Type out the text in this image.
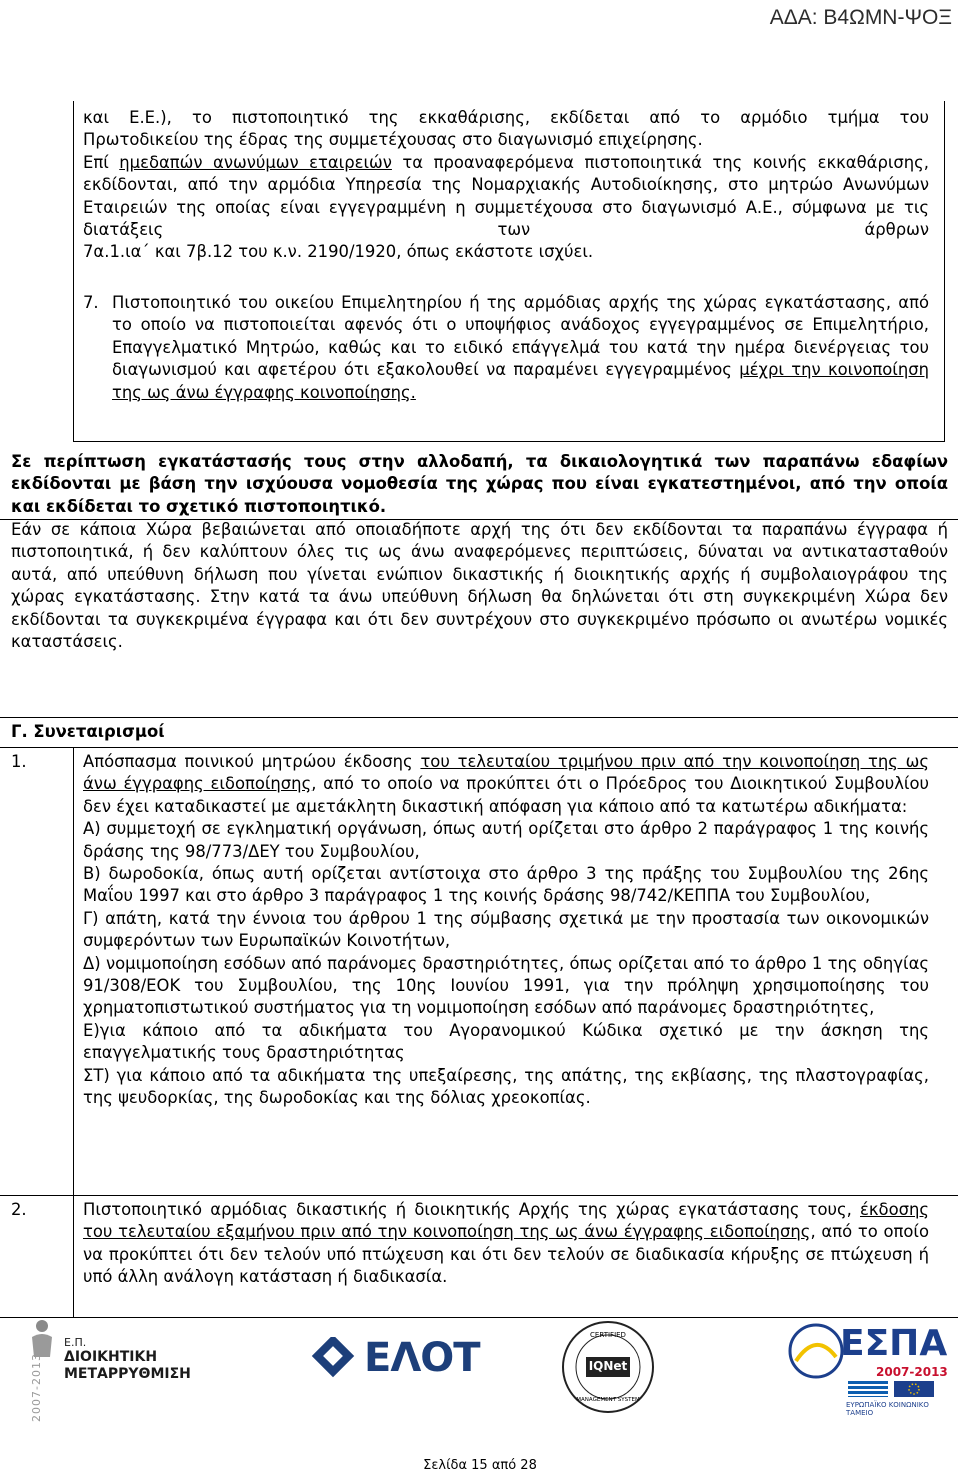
ΑΔΑ: Β4ΩΜΝ-ΨΟΞ

και Ε.Ε.), το πιστοποιητικό της εκκαθάρισης, εκδίδεται από το αρμόδιο τμήμα του

Πρωτοδικείου της έδρας της συμμετέχουσας στο διαγωνισμό επιχείρησης.

Επί ημεδαπών ανωνύμων εταιρειών τα προαναφερόμενα πιστοποιητικά της κοινής εκκαθάρισης, εκδίδονται, από την αρμόδια Υπηρεσία της Νομαρχιακής Αυτοδιοίκησης, στο μητρώο Ανωνύμων Εταιρειών της οποίας είναι εγγεγραμμένη η συμμετέχουσα στο διαγωνισμό Α.Ε., σύμφωνα με τις διατάξεις των άρθρων

7α.1.ια΄ και 7β.12 του κ.ν. 2190/1920, όπως εκάστοτε ισχύει.

7. Πιστοποιητικό του οικείου Επιμελητηρίου ή της αρμόδιας αρχής της χώρας εγκατάστασης, από το οποίο να πιστοποιείται αφενός ότι ο υποψήφιος ανάδοχος εγγεγραμμένος σε Επιμελητήριο, Επαγγελματικό Μητρώο, καθώς και το ειδικό επάγγελμά του κατά την ημέρα διενέργειας του διαγωνισμού και αφετέρου ότι εξακολουθεί να παραμένει εγγεγραμμένος μέχρι την κοινοποίηση της ως άνω έγγραφης κοινοποίησης.
Σε περίπτωση εγκατάστασής τους στην αλλοδαπή, τα δικαιολογητικά των παραπάνω εδαφίων εκδίδονται με βάση την ισχύουσα νομοθεσία της χώρας που είναι εγκατεστημένοι, από την οποία και εκδίδεται το σχετικό πιστοποιητικό.
Εάν σε κάποια Χώρα βεβαιώνεται από οποιαδήποτε αρχή της ότι δεν εκδίδονται τα παραπάνω έγγραφα ή πιστοποιητικά, ή δεν καλύπτουν όλες τις ως άνω αναφερόμενες περιπτώσεις, δύναται να αντικατασταθούν αυτά, από υπεύθυνη δήλωση που γίνεται ενώπιον δικαστικής ή διοικητικής αρχής ή συμβολαιογράφου της χώρας εγκατάστασης. Στην κατά τα άνω υπεύθυνη δήλωση θα δηλώνεται ότι στη συγκεκριμένη Χώρα δεν εκδίδονται τα συγκεκριμένα έγγραφα και ότι δεν συντρέχουν στο συγκεκριμένο πρόσωπο οι ανωτέρω νομικές καταστάσεις.
Γ. Συνεταιρισμοί
1.	Απόσπασμα ποινικού μητρώου έκδοσης του τελευταίου τριμήνου πριν από την κοινοποίηση της ως άνω έγγραφης ειδοποίησης, από το οποίο να προκύπτει ότι ο Πρόεδρος του Διοικητικού Συμβουλίου δεν έχει καταδικαστεί με αμετάκλητη δικαστική απόφαση για κάποιο από τα κατωτέρω αδικήματα:

Α) συμμετοχή σε εγκληματική οργάνωση, όπως αυτή ορίζεται στο άρθρο 2 παράγραφος 1 της κοινής δράσης της 98/773/ΔΕΥ του Συμβουλίου,

Β) δωροδοκία, όπως αυτή ορίζεται αντίστοιχα στο άρθρο 3 της πράξης του Συμβουλίου της 26ης Μαΐου 1997 και στο άρθρο 3 παράγραφος 1 της κοινής δράσης 98/742/ΚΕΠΠΑ του Συμβουλίου,

Γ) απάτη, κατά την έννοια του άρθρου 1 της σύμβασης σχετικά με την προστασία των οικονομικών συμφερόντων των Ευρωπαϊκών Κοινοτήτων,

Δ) νομιμοποίηση εσόδων από παράνομες δραστηριότητες, όπως ορίζεται από το άρθρο 1 της οδηγίας 91/308/ΕΟΚ του Συμβουλίου, της 10ης Ιουνίου 1991, για την πρόληψη χρησιμοποίησης του χρηματοπιστωτικού συστήματος για τη νομιμοποίηση εσόδων από παράνομες δραστηριότητες,

Ε)για κάποιο από τα αδικήματα του Αγορανομικού Κώδικα σχετικό με την άσκηση της επαγγελματικής τους δραστηριότητας

ΣΤ) για κάποιο από τα αδικήματα της υπεξαίρεσης, της απάτης, της εκβίασης, της πλαστογραφίας, της ψευδορκίας, της δωροδοκίας και της δόλιας χρεοκοπίας.

2.	Πιστοποιητικό αρμόδιας δικαστικής ή διοικητικής Αρχής της χώρας εγκατάστασης τους, έκδοσης του τελευταίου εξαμήνου πριν από την κοινοποίηση της ως άνω έγγραφης ειδοποίησης, από το οποίο να προκύπτει ότι δεν τελούν υπό πτώχευση και ότι δεν τελούν σε διαδικασία κήρυξης σε πτώχευση ή υπό άλλη ανάλογη κατάσταση ή διαδικασία.
2007-2013
Ε.Π.
ΔΙΟΙΚΗΤΙΚΗ
ΜΕΤΑΡΡΥΘΜΙΣΗ	ΕΛΟΤ	CERTIFIED
IQNet
MANAGEMENT SYSTEM
ΕΣΠΑ
2007-2013
ΕΥΡΩΠΑΪΚΟ ΚΟΙΝΩΝΙΚΟ ΤΑΜΕΙΟ
Σελίδα 15 από 28
